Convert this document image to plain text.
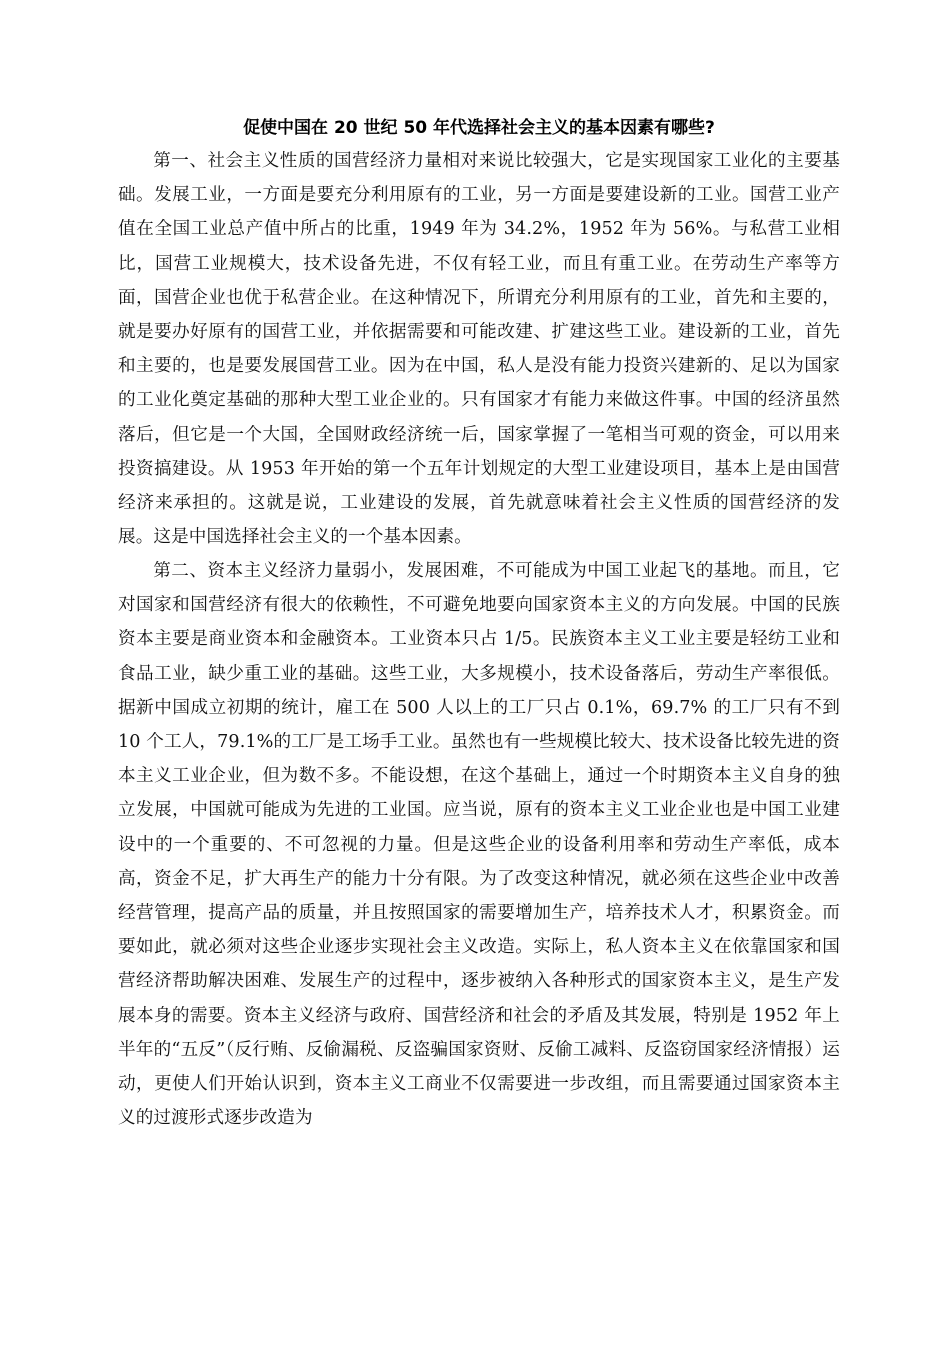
促使中国在 20 世纪 50 年代选择社会主义的基本因素有哪些?

第一、社会主义性质的国营经济力量相对来说比较强大，它是实现国家工业化的主要基础。发展工业，一方面是要充分利用原有的工业，另一方面是要建设新的工业。国营工业产值在全国工业总产值中所占的比重，1949 年为 34.2%，1952 年为 56%。与私营工业相比，国营工业规模大，技术设备先进，不仅有轻工业，而且有重工业。在劳动生产率等方面，国营企业也优于私营企业。在这种情况下，所谓充分利用原有的工业，首先和主要的，就是要办好原有的国营工业，并依据需要和可能改建、扩建这些工业。建设新的工业，首先和主要的，也是要发展国营工业。因为在中国，私人是没有能力投资兴建新的、足以为国家的工业化奠定基础的那种大型工业企业的。只有国家才有能力来做这件事。中国的经济虽然落后，但它是一个大国，全国财政经济统一后，国家掌握了一笔相当可观的资金，可以用来投资搞建设。从 1953 年开始的第一个五年计划规定的大型工业建设项目，基本上是由国营经济来承担的。这就是说，工业建设的发展，首先就意味着社会主义性质的国营经济的发展。这是中国选择社会主义的一个基本因素。

第二、资本主义经济力量弱小，发展困难，不可能成为中国工业起飞的基地。而且，它对国家和国营经济有很大的依赖性，不可避免地要向国家资本主义的方向发展。中国的民族资本主要是商业资本和金融资本。工业资本只占 1/5。民族资本主义工业主要是轻纺工业和食品工业，缺少重工业的基础。这些工业，大多规模小，技术设备落后，劳动生产率很低。据新中国成立初期的统计，雇工在 500 人以上的工厂只占 0.1%，69.7% 的工厂只有不到 10 个工人，79.1%的工厂是工场手工业。虽然也有一些规模比较大、技术设备比较先进的资本主义工业企业，但为数不多。不能设想，在这个基础上，通过一个时期资本主义自身的独立发展，中国就可能成为先进的工业国。应当说，原有的资本主义工业企业也是中国工业建设中的一个重要的、不可忽视的力量。但是这些企业的设备利用率和劳动生产率低，成本高，资金不足，扩大再生产的能力十分有限。为了改变这种情况，就必须在这些企业中改善经营管理，提高产品的质量，并且按照国家的需要增加生产，培养技术人才，积累资金。而要如此，就必须对这些企业逐步实现社会主义改造。实际上，私人资本主义在依靠国家和国营经济帮助解决困难、发展生产的过程中，逐步被纳入各种形式的国家资本主义，是生产发展本身的需要。资本主义经济与政府、国营经济和社会的矛盾及其发展，特别是 1952 年上半年的“五反”（反行贿、反偷漏税、反盗骗国家资财、反偷工减料、反盗窃国家经济情报）运动，更使人们开始认识到，资本主义工商业不仅需要进一步改组，而且需要通过国家资本主义的过渡形式逐步改造为
